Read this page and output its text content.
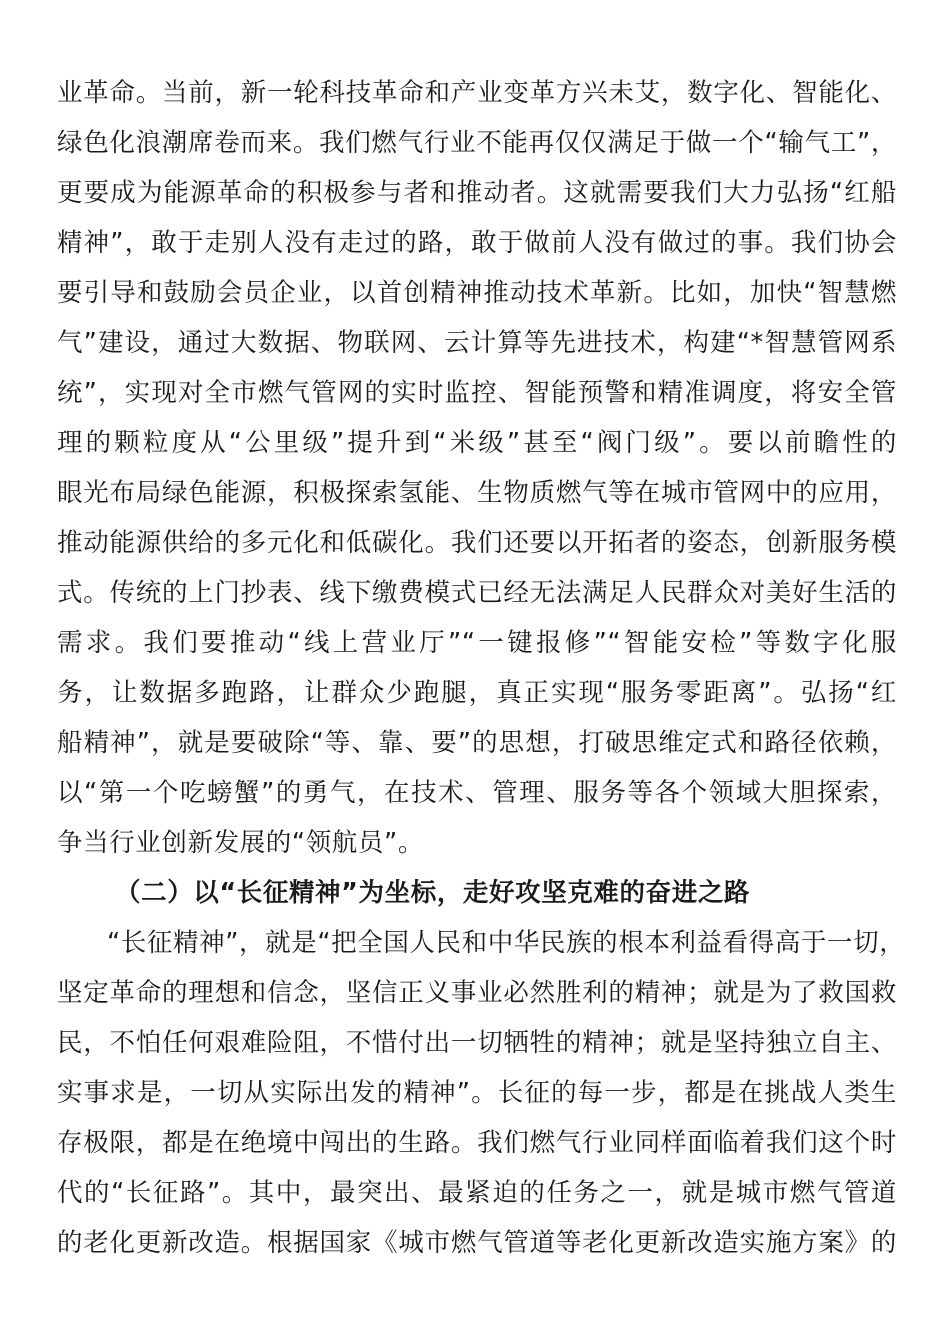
业革命。当前，新一轮科技革命和产业变革方兴未艾，数字化、智能化、
绿色化浪潮席卷而来。我们燃气行业不能再仅仅满足于做一个“输气工”，
更要成为能源革命的积极参与者和推动者。这就需要我们大力弘扬“红船
精神”，敢于走别人没有走过的路，敢于做前人没有做过的事。我们协会
要引导和鼓励会员企业，以首创精神推动技术革新。比如，加快“智慧燃
气”建设，通过大数据、物联网、云计算等先进技术，构建“*智慧管网系
统”，实现对全市燃气管网的实时监控、智能预警和精准调度，将安全管
理的颗粒度从“公里级”提升到“米级”甚至“阀门级”。要以前瞻性的
眼光布局绿色能源，积极探索氢能、生物质燃气等在城市管网中的应用，
推动能源供给的多元化和低碳化。我们还要以开拓者的姿态，创新服务模
式。传统的上门抄表、线下缴费模式已经无法满足人民群众对美好生活的
需求。我们要推动“线上营业厅”“一键报修”“智能安检”等数字化服
务，让数据多跑路，让群众少跑腿，真正实现“服务零距离”。弘扬“红
船精神”，就是要破除“等、靠、要”的思想，打破思维定式和路径依赖，
以“第一个吃螃蟹”的勇气，在技术、管理、服务等各个领域大胆探索，
争当行业创新发展的“领航员”。
（二）以“长征精神”为坐标，走好攻坚克难的奋进之路
“长征精神”，就是“把全国人民和中华民族的根本利益看得高于一切，
坚定革命的理想和信念，坚信正义事业必然胜利的精神；就是为了救国救
民，不怕任何艰难险阻，不惜付出一切牺牲的精神；就是坚持独立自主、
实事求是，一切从实际出发的精神”。长征的每一步，都是在挑战人类生
存极限，都是在绝境中闯出的生路。我们燃气行业同样面临着我们这个时
代的“长征路”。其中，最突出、最紧迫的任务之一，就是城市燃气管道
的老化更新改造。根据国家《城市燃气管道等老化更新改造实施方案》的
